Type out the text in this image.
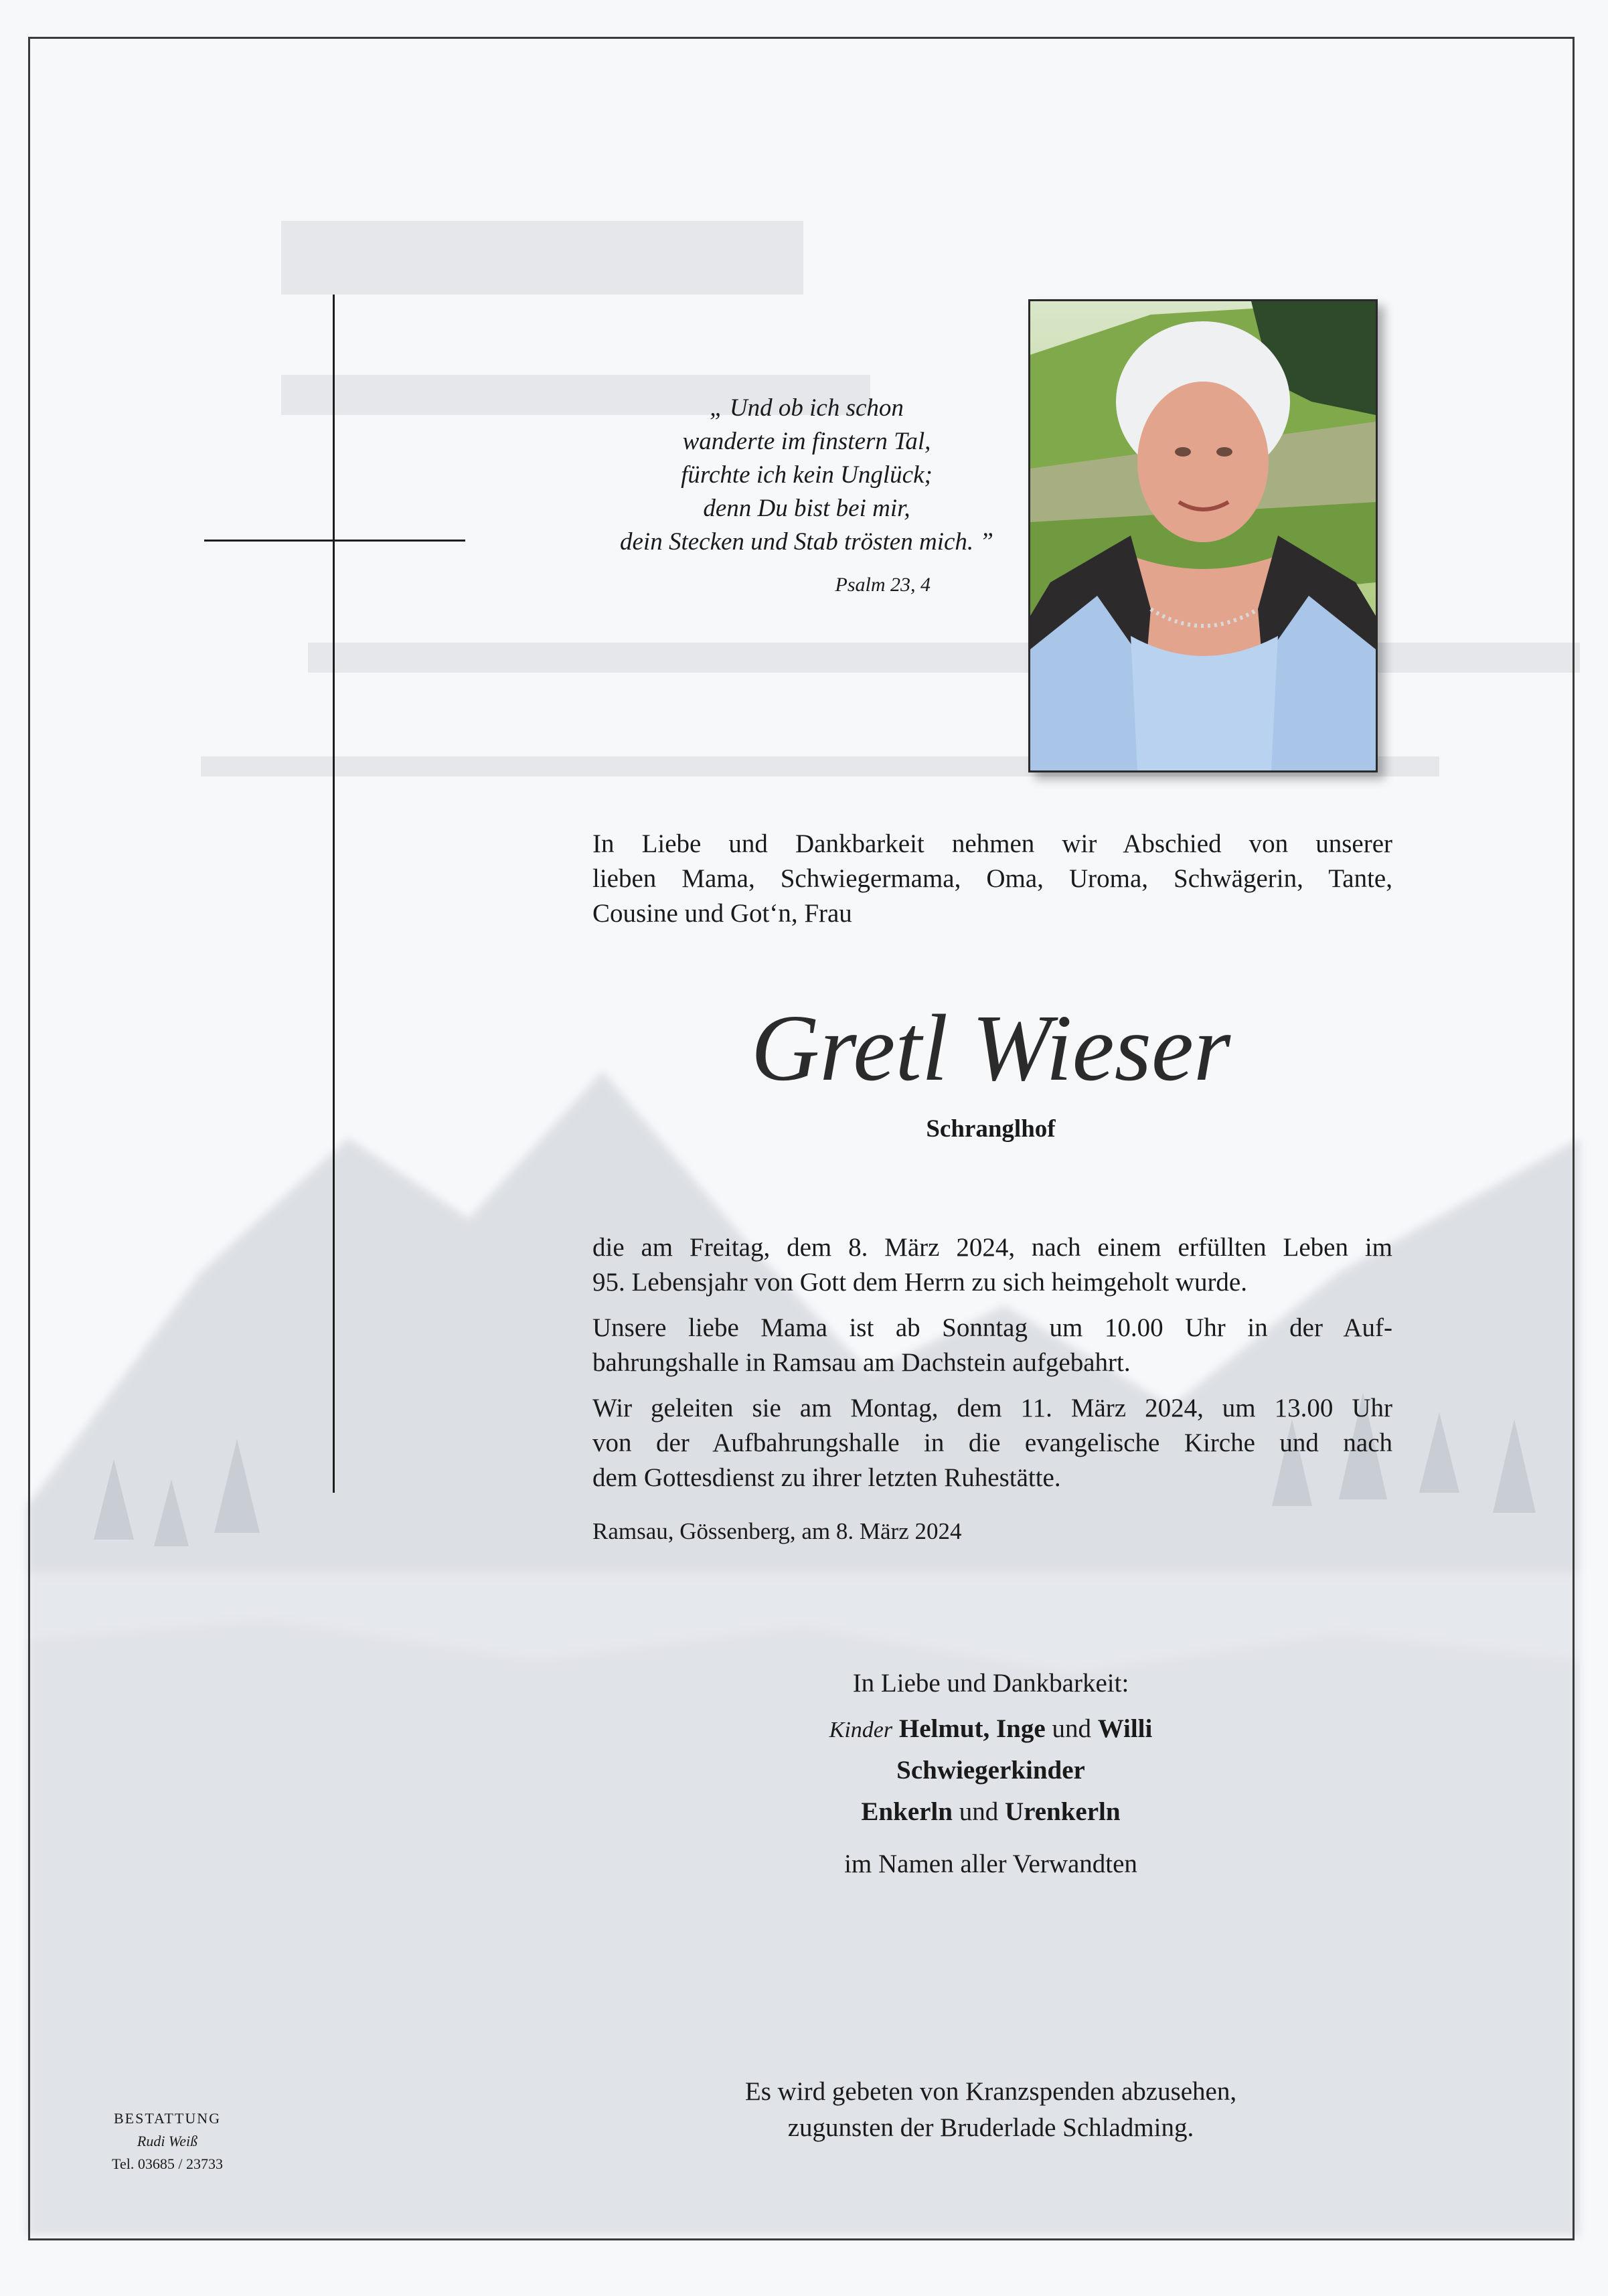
„ Und ob ich schon
wanderte im finstern Tal,
fürchte ich kein Unglück;
denn Du bist bei mir,
dein Stecken und Stab trösten mich. ”
Psalm 23, 4
In Liebe und Dankbarkeit nehmen wir Abschied von unserer
lieben Mama, Schwiegermama, Oma, Uroma, Schwägerin, Tante,
Cousine und Got‘n, Frau
Gretl Wieser
Schranglhof
die am Freitag, dem 8. März 2024, nach einem erfüllten Leben im
95. Lebensjahr von Gott dem Herrn zu sich heimgeholt wurde.
Unsere liebe Mama ist ab Sonntag um 10.00 Uhr in der Auf-
bahrungshalle in Ramsau am Dachstein aufgebahrt.
Wir geleiten sie am Montag, dem 11. März 2024, um 13.00 Uhr
von der Aufbahrungshalle in die evangelische Kirche und nach
dem Gottesdienst zu ihrer letzten Ruhestätte.
Ramsau, Gössenberg, am 8. März 2024
In Liebe und Dankbarkeit:
Kinder Helmut, Inge und Willi
Schwiegerkinder
Enkerln und Urenkerln
im Namen aller Verwandten
Es wird gebeten von Kranzspenden abzusehen,
zugunsten der Bruderlade Schladming.
BESTATTUNG
Rudi Weiß
Tel. 03685 / 23733
